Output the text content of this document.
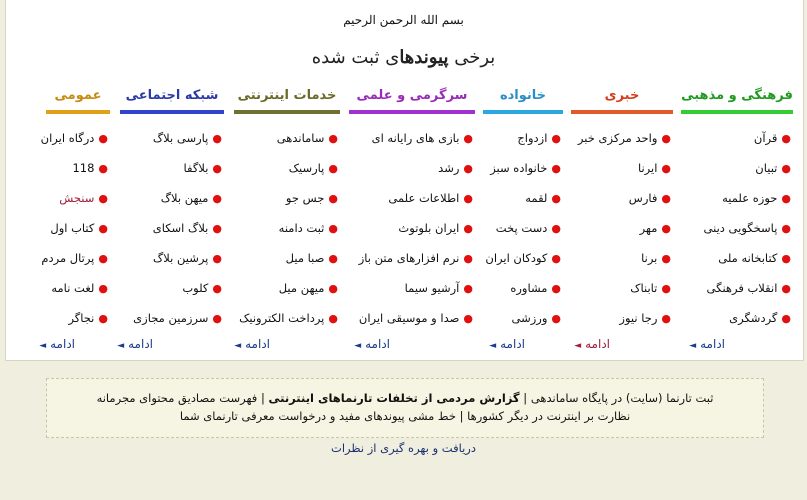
بسم الله الرحمن الرحيم
برخی پیوندهای ثبت شده
فرهنگی و مذهبی
●قرآن
●تبیان
●حوزه علمیه
●پاسخگویی دینی
●کتابخانه ملی
●انقلاب فرهنگی
●گردشگری
خبری
●واحد مرکزی خبر
●ایرنا
●فارس
●مهر
●برنا
●تابناک
●رجا نیوز
خانواده
●ازدواج
●خانواده سبز
●لقمه
●دست پخت
●کودکان ایران
●مشاوره
●ورزشی
سرگرمی و علمی
●بازی های رایانه ای
●رشد
●اطلاعات علمی
●ایران بلوتوث
●نرم افزارهای متن باز
●آرشیو سیما
●صدا و موسیقی ایران
خدمات اینترنتی
●ساماندهی
●پارسیک
●جس جو
●ثبت دامنه
●صبا میل
●میهن میل
●پرداخت الکترونیک
شبکه اجتماعی
●پارسی بلاگ
●بلاگفا
●میهن بلاگ
●بلاگ اسکای
●پرشین بلاگ
●کلوب
●سرزمین مجازی
عمومی
●درگاه ایران
●118
●سنجش
●کتاب اول
●پرتال مردم
●لغت نامه
●نجاگر
ادامه◄
ادامه◄
ادامه◄
ادامه◄
ادامه◄
ادامه◄
ادامه◄
ثبت تارنما (سایت) در پایگاه ساماندهی | گزارش مردمی از تخلفات تارنماهای اینترنتی | فهرست مصادیق محتوای مجرمانه
نظارت بر اینترنت در دیگر کشورها | خط مشی پیوندهای مفید و درخواست معرفی تارنمای شما
دریافت و بهره گیری از نظرات
